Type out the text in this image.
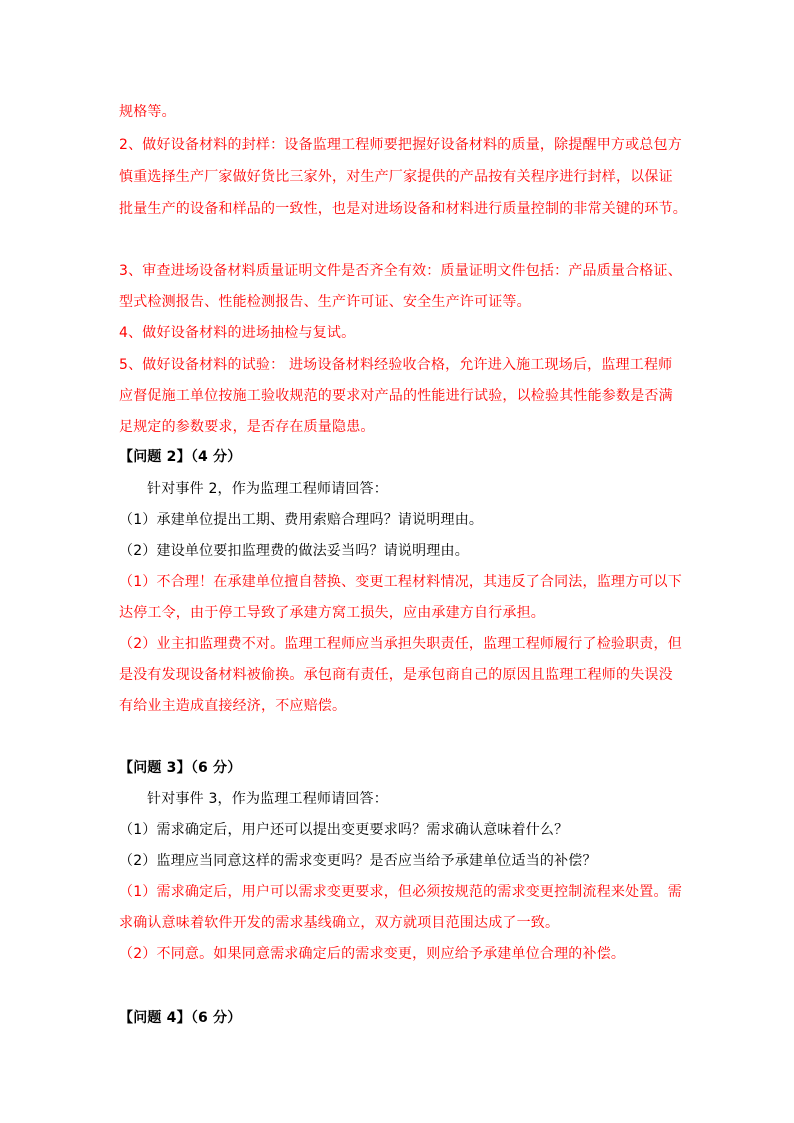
规格等。
2、做好设备材料的封样：设备监理工程师要把握好设备材料的质量，除提醒甲方或总包方
慎重选择生产厂家做好货比三家外，对生产厂家提供的产品按有关程序进行封样，以保证
批量生产的设备和样品的一致性，也是对进场设备和材料进行质量控制的非常关键的环节。
3、审查进场设备材料质量证明文件是否齐全有效：质量证明文件包括：产品质量合格证、
型式检测报告、性能检测报告、生产许可证、安全生产许可证等。
4、做好设备材料的进场抽检与复试。
5、做好设备材料的试验： 进场设备材料经验收合格，允许进入施工现场后，监理工程师
应督促施工单位按施工验收规范的要求对产品的性能进行试验，以检验其性能参数是否满
足规定的参数要求，是否存在质量隐患。
【问题 2】（4 分）
针对事件 2，作为监理工程师请回答：
（1）承建单位提出工期、费用索赔合理吗？请说明理由。
（2）建设单位要扣监理费的做法妥当吗？请说明理由。
（1）不合理！在承建单位擅自替换、变更工程材料情况，其违反了合同法，监理方可以下
达停工令，由于停工导致了承建方窝工损失，应由承建方自行承担。
（2）业主扣监理费不对。监理工程师应当承担失职责任，监理工程师履行了检验职责，但
是没有发现设备材料被偷换。承包商有责任，是承包商自己的原因且监理工程师的失误没
有给业主造成直接经济，不应赔偿。
【问题 3】（6 分）
针对事件 3，作为监理工程师请回答：
（1）需求确定后，用户还可以提出变更要求吗？需求确认意味着什么？
（2）监理应当同意这样的需求变更吗？是否应当给予承建单位适当的补偿？
（1）需求确定后，用户可以需求变更要求，但必须按规范的需求变更控制流程来处置。需
求确认意味着软件开发的需求基线确立，双方就项目范围达成了一致。
（2）不同意。如果同意需求确定后的需求变更，则应给予承建单位合理的补偿。
【问题 4】（6 分）
